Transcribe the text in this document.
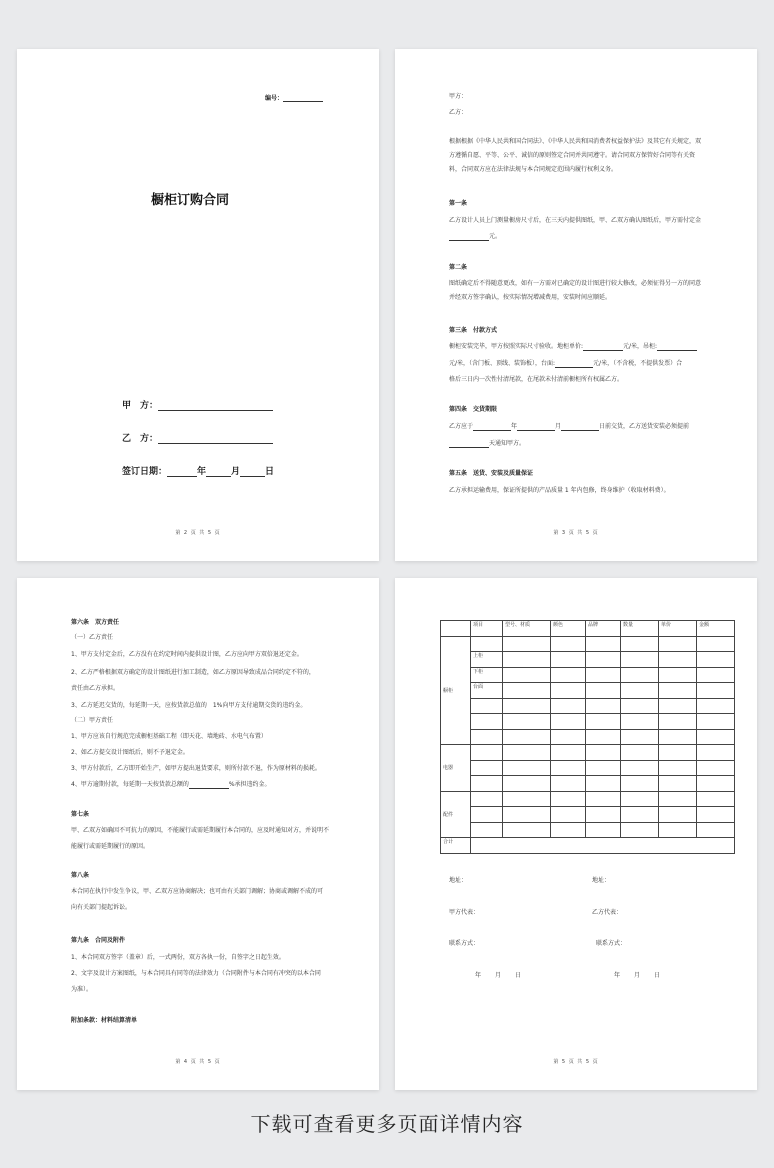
编号：
橱柜订购合同
甲　方：
乙　方：
签订日期：	年	月	日
第 2 页 共 5 页
甲方：
乙方：
根据根据《中华人民共和国合同法》、《中华人民共和国消费者权益保护法》及其它有关规定，双方遵循自愿、平等、公平、诚信的原则签定合同并共同遵守。请合同双方保管好合同等有关资料，合同双方应在法律法规与本合同规定范围内履行权利义务。
第一条
乙方设计人员上门测量橱房尺寸后，在三天内提供图纸，甲、乙双方确认图纸后，甲方需付定金
元。
第二条
图纸确定后不得随意更改，如有一方需对已确定的设计图进行较大修改，必须征得另一方的同意并经双方签字确认，按实际情况增减费用，安装时间应顺延。
第三条　付款方式
橱柜安装完毕，甲方按照实际尺寸验收。地柜单价:	元/米，吊柜:
元/米，（含门板、顶线、装饰板），台面:	元/米，（不含税，不提供发票）合
格后三日内一次性付清尾款，在尾款未付清前橱柜所有权属乙方。
第四条　交货期限
乙方应于	年	月	日前交货，乙方送货安装必须提前
天通知甲方。
第五条　送货、安装及质量保证
乙方承担运输费用，保证所提供的产品质量 1 年内包修，终身维护（收取材料费）。
第 3 页 共 5 页
第六条　双方责任
（一）乙方责任
1、甲方支付定金后，乙方没有在约定时间内提供设计图，乙方应向甲方双倍退还定金。
2、乙方严格根据双方确定的设计图纸进行加工制造，如乙方原因导致成品合同约定不符的，
责任由乙方承担。
3、乙方延迟交货的，每延期一天，应按货款总值的　1%向甲方支付逾期交货的违约金。
（二）甲方责任
1、甲方应该自行规范完成橱柜基础工程（即天花、墙地砖、水电气布置）
2、如乙方提交设计图纸后，则不予退定金。
3、甲方付款后，乙方即开始生产，如甲方提出退货要求，则所付款不退，作为原材料的损耗。
4、甲方逾期付款，每延期一天按货款总额的	%承担违约金。
第七条
甲、乙双方如确因不可抗力的原因，不能履行或需延期履行本合同的，应及时通知对方，并说明不
能履行或需延期履行的原因。
第八条
本合同在执行中发生争议，甲、乙双方应协商解决；也可由有关部门调解；协商或调解不成的可
向有关部门提起诉讼。
第九条　合同及附件
1、本合同双方签字（盖章）后，一式两份，双方各执一份，自签字之日起生效。
2、文字及设计方案图纸，与本合同具有同等的法律效力（合同附件与本合同有冲突的以本合同
为准）。
附加条款：材料结算清单
第 4 页 共 5 页
	项目	型号、材质	颜色	品牌	数量	单价	金额
橱柜							
	上柜						
	下柜						
	台面						

电器							

配件							

合计							
地址：	地址：
甲方代表：	乙方代表：
联系方式：	联系方式：
年 月 日	年 月 日
第 5 页 共 5 页
下载可查看更多页面详情内容
